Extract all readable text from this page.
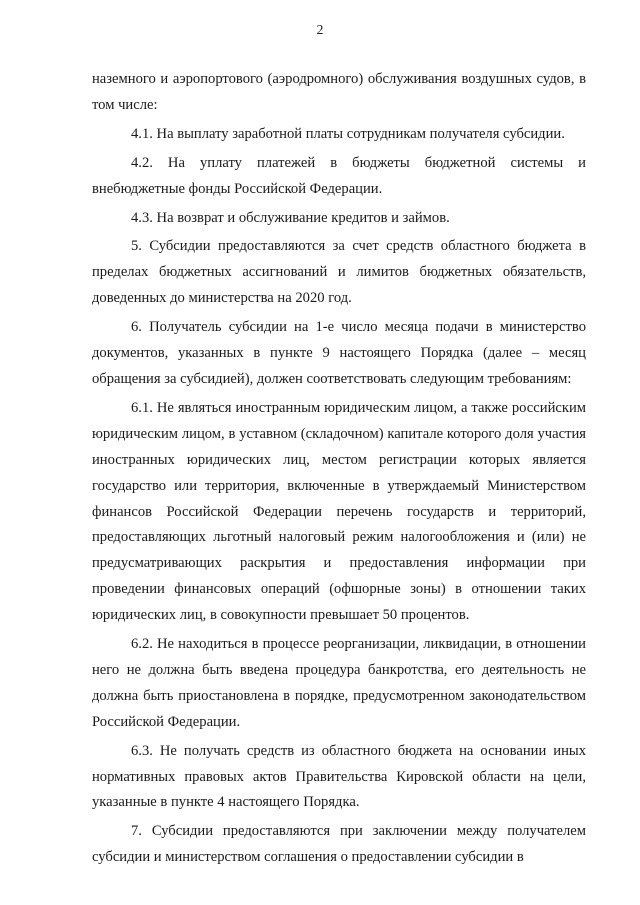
2

наземного и аэропортового (аэродромного) обслуживания воздушных судов, в том числе:

4.1. На выплату заработной платы сотрудникам получателя субсидии.

4.2. На уплату платежей в бюджеты бюджетной системы и внебюджетные фонды Российской Федерации.

4.3. На возврат и обслуживание кредитов и займов.

5. Субсидии предоставляются за счет средств областного бюджета в пределах бюджетных ассигнований и лимитов бюджетных обязательств, доведенных до министерства на 2020 год.

6. Получатель субсидии на 1-е число месяца подачи в министерство документов, указанных в пункте 9 настоящего Порядка (далее – месяц обращения за субсидией), должен соответствовать следующим требованиям:

6.1. Не являться иностранным юридическим лицом, а также российским юридическим лицом, в уставном (складочном) капитале которого доля участия иностранных юридических лиц, местом регистрации которых является государство или территория, включенные в утверждаемый Министерством финансов Российской Федерации перечень государств и территорий, предоставляющих льготный налоговый режим налогообложения и (или) не предусматривающих раскрытия и предоставления информации при проведении финансовых операций (офшорные зоны) в отношении таких юридических лиц, в совокупности превышает 50 процентов.

6.2. Не находиться в процессе реорганизации, ликвидации, в отношении него не должна быть введена процедура банкротства, его деятельность не должна быть приостановлена в порядке, предусмотренном законодательством Российской Федерации.

6.3. Не получать средств из областного бюджета на основании иных нормативных правовых актов Правительства Кировской области на цели, указанные в пункте 4 настоящего Порядка.

7. Субсидии предоставляются при заключении между получателем субсидии и министерством соглашения о предоставлении субсидии в
